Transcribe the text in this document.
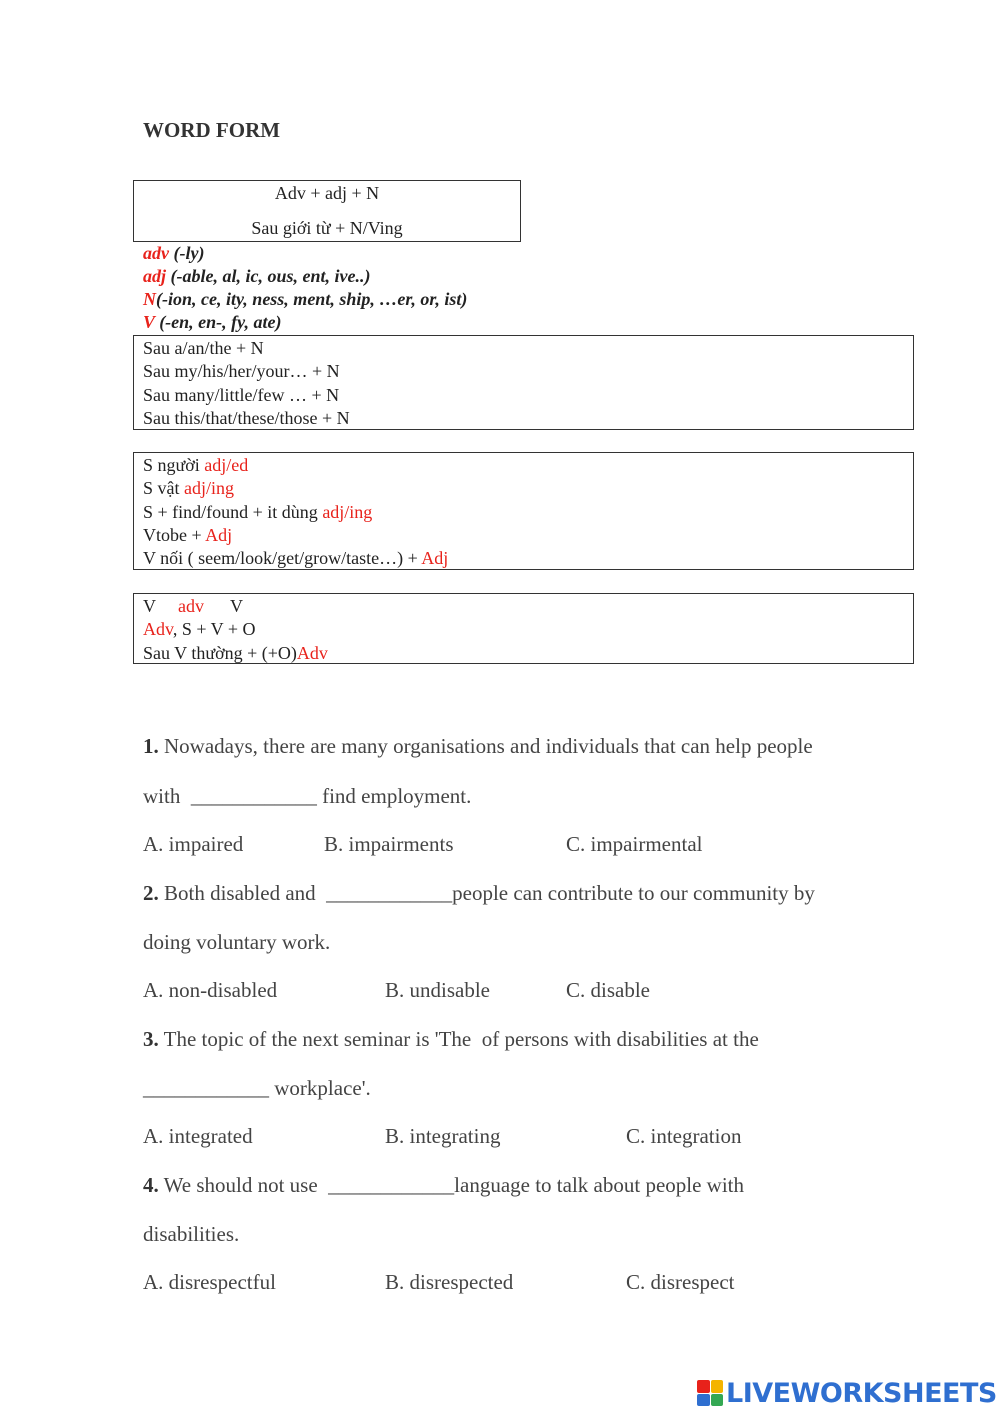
WORD FORM
Adv + adj + N
Sau giới từ + N/Ving
adv (-ly)
adj (-able, al, ic, ous, ent, ive..)
N(-ion, ce, ity, ness, ment, ship, …er, or, ist)
V (-en, en-, fy, ate)
Sau a/an/the + N
Sau my/his/her/your… + N
Sau many/little/few … + N
Sau this/that/these/those + N
S người adj/ed
S vật adj/ing
S + find/found + it dùng adj/ing
Vtobe + Adj
V nối ( seem/look/get/grow/taste…) + Adj
V adv V
Adv, S + V + O
Sau V thường + (+O)Adv
1. Nowadays, there are many organisations and individuals that can help people
with  ____________ find employment.
A. impaired	B. impairments	C. impairmental
2. Both disabled and  ____________people can contribute to our community by
doing voluntary work.
A. non-disabled	B. undisable	C. disable
3. The topic of the next seminar is 'The  of persons with disabilities at the
____________ workplace'.
A. integrated	B. integrating	C. integration
4. We should not use  ____________language to talk about people with
disabilities.
A. disrespectful	B. disrespected	C. disrespect
LIVEWORKSHEETS
